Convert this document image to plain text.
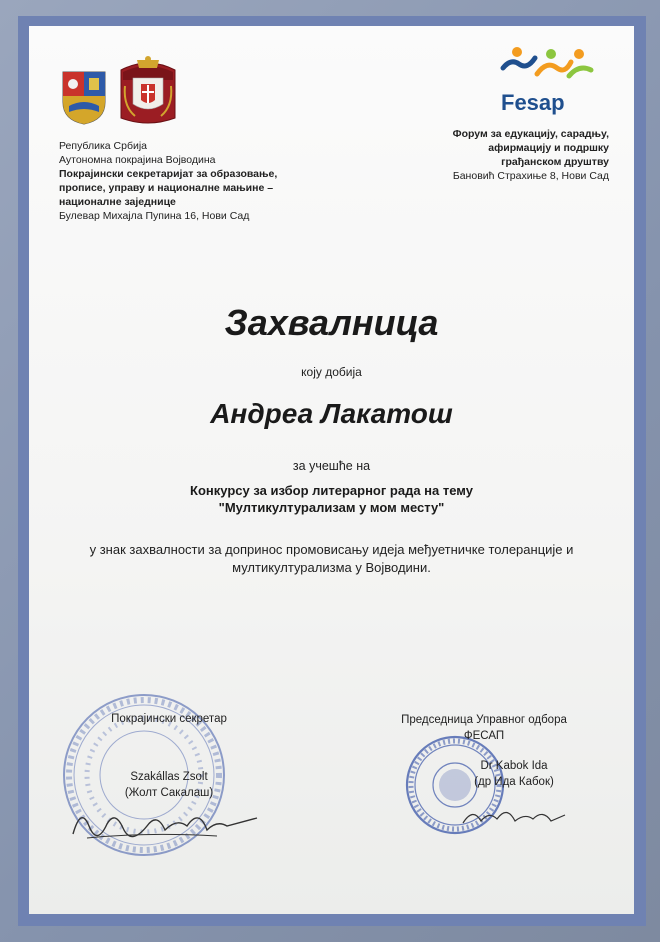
Fesap
Република Србија
Аутономна покрајина Војводина
Покрајински секретаријат за образовање,
прописе, управу и националне мањине –
националне заједнице
Булевар Михајла Пупина 16, Нови Сад
Форум за едукацију, сарадњу,
афирмацију и подршку
грађанском друштву
Бановић Страхиње 8, Нови Сад
Захвалница
коју добија
Андреа Лакатош
за учешће на
Конкурсу за избор литерарног рада на тему
"Мултикултурализам у мом месту"
у знак захвалности за допринос промовисању идеја међуетничке толеранције и
мултикултурализма у Војводини.
Покрајински секретар
Szakállas Zsolt
(Жолт Сакалаш)
Председница Управног одбора
ФЕСАП
Dr Kabok Ida
(др Ида Кабок)
